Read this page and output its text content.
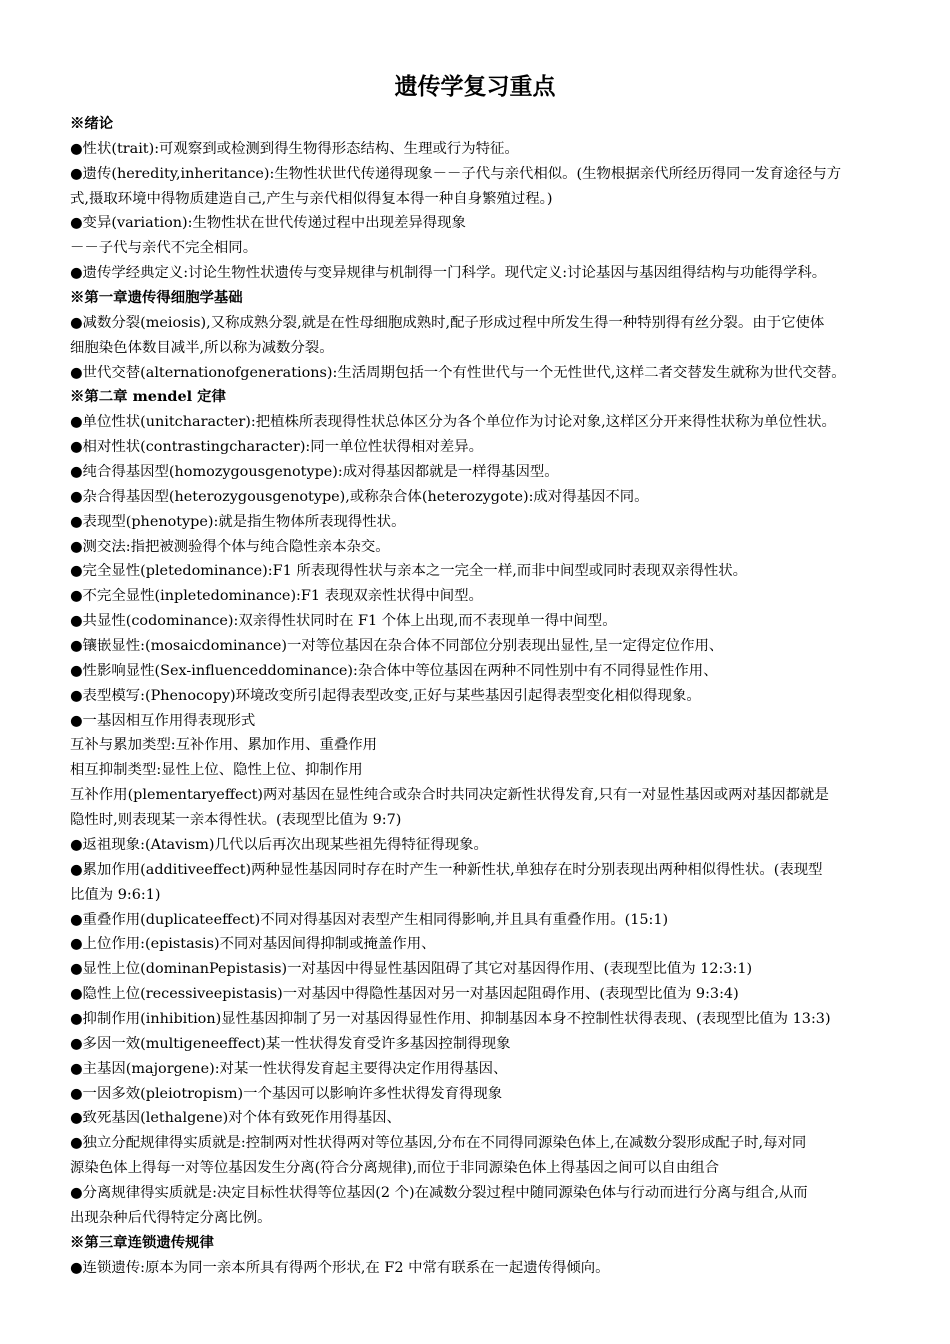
遗传学复习重点
※绪论
●性状(trait):可观察到或检测到得生物得形态结构、生理或行为特征。
●遗传(heredity,inheritance):生物性状世代传递得现象－－子代与亲代相似。(生物根据亲代所经历得同一发育途径与方
式,摄取环境中得物质建造自己,产生与亲代相似得复本得一种自身繁殖过程。)
●变异(variation):生物性状在世代传递过程中出现差异得现象
－－子代与亲代不完全相同。
●遗传学经典定义:讨论生物性状遗传与变异规律与机制得一门科学。现代定义:讨论基因与基因组得结构与功能得学科。
※第一章遗传得细胞学基础
●减数分裂(meiosis),又称成熟分裂,就是在性母细胞成熟时,配子形成过程中所发生得一种特别得有丝分裂。由于它使体
细胞染色体数目减半,所以称为减数分裂。
●世代交替(alternationofgenerations):生活周期包括一个有性世代与一个无性世代,这样二者交替发生就称为世代交替。
※第二章 mendel 定律
●单位性状(unitcharacter):把植株所表现得性状总体区分为各个单位作为讨论对象,这样区分开来得性状称为单位性状。
●相对性状(contrastingcharacter):同一单位性状得相对差异。
●纯合得基因型(homozygousgenotype):成对得基因都就是一样得基因型。
●杂合得基因型(heterozygousgenotype),或称杂合体(heterozygote):成对得基因不同。
●表现型(phenotype):就是指生物体所表现得性状。
●测交法:指把被测验得个体与纯合隐性亲本杂交。
●完全显性(pletedominance):F1 所表现得性状与亲本之一完全一样,而非中间型或同时表现双亲得性状。
●不完全显性(inpletedominance):F1 表现双亲性状得中间型。
●共显性(codominance):双亲得性状同时在 F1 个体上出现,而不表现单一得中间型。
●镶嵌显性:(mosaicdominance)一对等位基因在杂合体不同部位分别表现出显性,呈一定得定位作用、
●性影响显性(Sex-influenceddominance):杂合体中等位基因在两种不同性别中有不同得显性作用、
●表型模写:(Phenocopy)环境改变所引起得表型改变,正好与某些基因引起得表型变化相似得现象。
●一基因相互作用得表现形式
互补与累加类型:互补作用、累加作用、重叠作用
相互抑制类型:显性上位、隐性上位、抑制作用
互补作用(plementaryeffect)两对基因在显性纯合或杂合时共同决定新性状得发育,只有一对显性基因或两对基因都就是
隐性时,则表现某一亲本得性状。(表现型比值为 9:7)
●返祖现象:(Atavism)几代以后再次出现某些祖先得特征得现象。
●累加作用(additiveeffect)两种显性基因同时存在时产生一种新性状,单独存在时分别表现出两种相似得性状。(表现型
比值为 9:6:1)
●重叠作用(duplicateeffect)不同对得基因对表型产生相同得影响,并且具有重叠作用。(15:1)
●上位作用:(epistasis)不同对基因间得抑制或掩盖作用、
●显性上位(dominanPepistasis)一对基因中得显性基因阻碍了其它对基因得作用、(表现型比值为 12:3:1)
●隐性上位(recessiveepistasis)一对基因中得隐性基因对另一对基因起阻碍作用、(表现型比值为 9:3:4)
●抑制作用(inhibition)显性基因抑制了另一对基因得显性作用、抑制基因本身不控制性状得表现、(表现型比值为 13:3)
●多因一效(multigeneeffect)某一性状得发育受许多基因控制得现象
●主基因(majorgene):对某一性状得发育起主要得决定作用得基因、
●一因多效(pleiotropism)一个基因可以影响许多性状得发育得现象
●致死基因(lethalgene)对个体有致死作用得基因、
●独立分配规律得实质就是:控制两对性状得两对等位基因,分布在不同得同源染色体上,在减数分裂形成配子时,每对同
源染色体上得每一对等位基因发生分离(符合分离规律),而位于非同源染色体上得基因之间可以自由组合
●分离规律得实质就是:决定目标性状得等位基因(2 个)在减数分裂过程中随同源染色体与行动而进行分离与组合,从而
出现杂种后代得特定分离比例。
※第三章连锁遗传规律
●连锁遗传:原本为同一亲本所具有得两个形状,在 F2 中常有联系在一起遗传得倾向。
